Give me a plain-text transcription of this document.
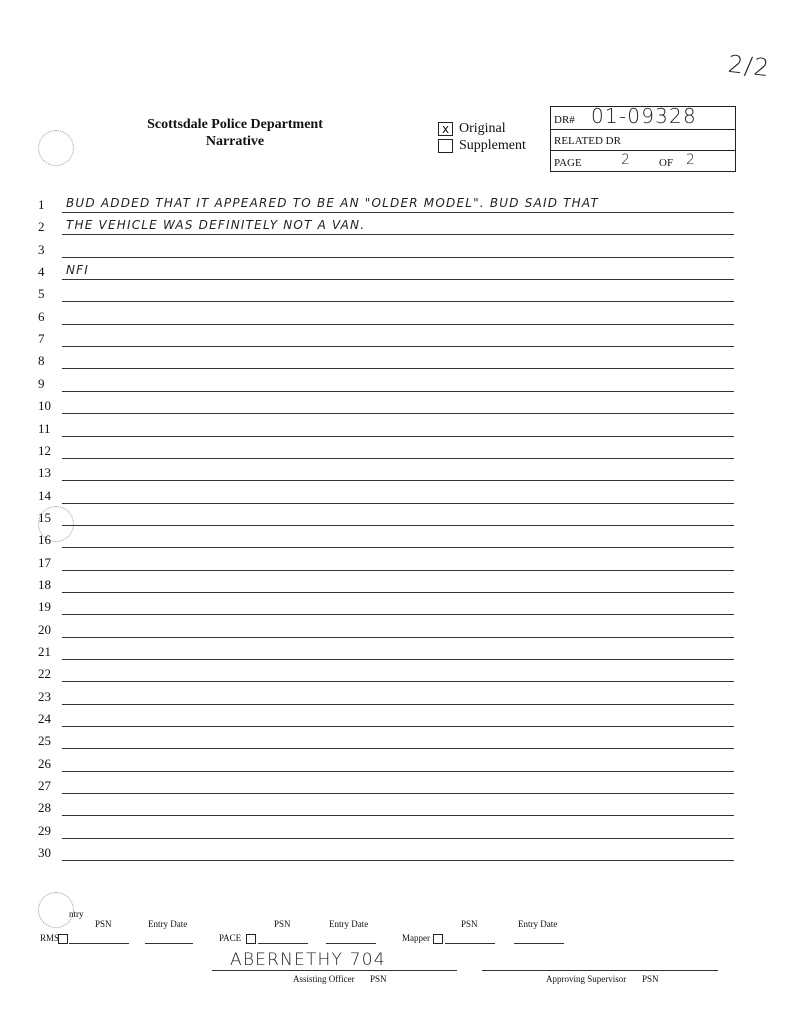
2/2
Scottsdale Police Department
Narrative
x Original
Supplement
DR# 01-09328
RELATED DR
PAGE	2	OF 2
1	BUD ADDED THAT IT APPEARED TO BE AN "OLDER MODEL". BUD SAID THAT
2	THE VEHICLE WAS DEFINITELY NOT A VAN.
3
4	NFI
5
6
7
8
9
10
11
12
13
14
15
16
17
18
19
20
21
22
23
24
25
26
27
28
29
30
ntry
RMS
PSN	Entry Date
PACE
PSN	Entry Date
Mapper
PSN	Entry Date
ABERNETHY 704
Assisting Officer PSN	Approving Supervisor PSN
